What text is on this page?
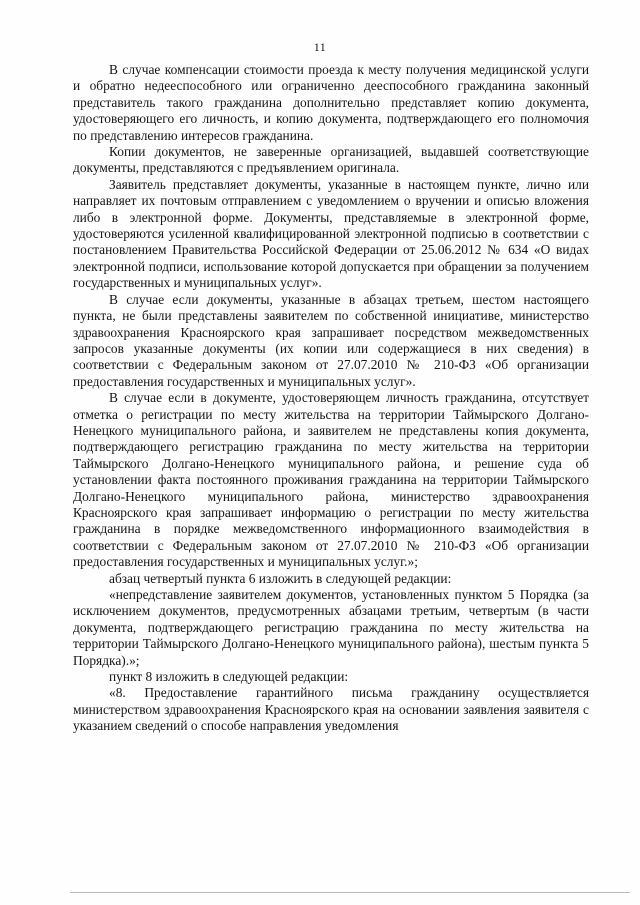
11

В случае компенсации стоимости проезда к месту получения медицинской услуги и обратно недееспособного или ограниченно дееспособного гражданина законный представитель такого гражданина дополнительно представляет копию документа, удостоверяющего его личность, и копию документа, подтверждающего его полномочия по представлению интересов гражданина.

Копии документов, не заверенные организацией, выдавшей соответствующие документы, представляются с предъявлением оригинала.

Заявитель представляет документы, указанные в настоящем пункте, лично или направляет их почтовым отправлением с уведомлением о вручении и описью вложения либо в электронной форме. Документы, представляемые в электронной форме, удостоверяются усиленной квалифицированной электронной подписью в соответствии с постановлением Правительства Российской Федерации от 25.06.2012 № 634 «О видах электронной подписи, использование которой допускается при обращении за получением государственных и муниципальных услуг».

В случае если документы, указанные в абзацах третьем, шестом настоящего пункта, не были представлены заявителем по собственной инициативе, министерство здравоохранения Красноярского края запрашивает посредством межведомственных запросов указанные документы (их копии или содержащиеся в них сведения) в соответствии с Федеральным законом от 27.07.2010 № 210-ФЗ «Об организации предоставления государственных и муниципальных услуг».

В случае если в документе, удостоверяющем личность гражданина, отсутствует отметка о регистрации по месту жительства на территории Таймырского Долгано-Ненецкого муниципального района, и заявителем не представлены копия документа, подтверждающего регистрацию гражданина по месту жительства на территории Таймырского Долгано-Ненецкого муниципального района, и решение суда об установлении факта постоянного проживания гражданина на территории Таймырского Долгано-Ненецкого муниципального района, министерство здравоохранения Красноярского края запрашивает информацию о регистрации по месту жительства гражданина в порядке межведомственного информационного взаимодействия в соответствии с Федеральным законом от 27.07.2010 № 210-ФЗ «Об организации предоставления государственных и муниципальных услуг.»;

абзац четвертый пункта 6 изложить в следующей редакции:

«непредставление заявителем документов, установленных пунктом 5 Порядка (за исключением документов, предусмотренных абзацами третьим, четвертым (в части документа, подтверждающего регистрацию гражданина по месту жительства на территории Таймырского Долгано-Ненецкого муниципального района), шестым пункта 5 Порядка).»;

пункт 8 изложить в следующей редакции:

«8. Предоставление гарантийного письма гражданину осуществляется министерством здравоохранения Красноярского края на основании заявления заявителя с указанием сведений о способе направления уведомления
